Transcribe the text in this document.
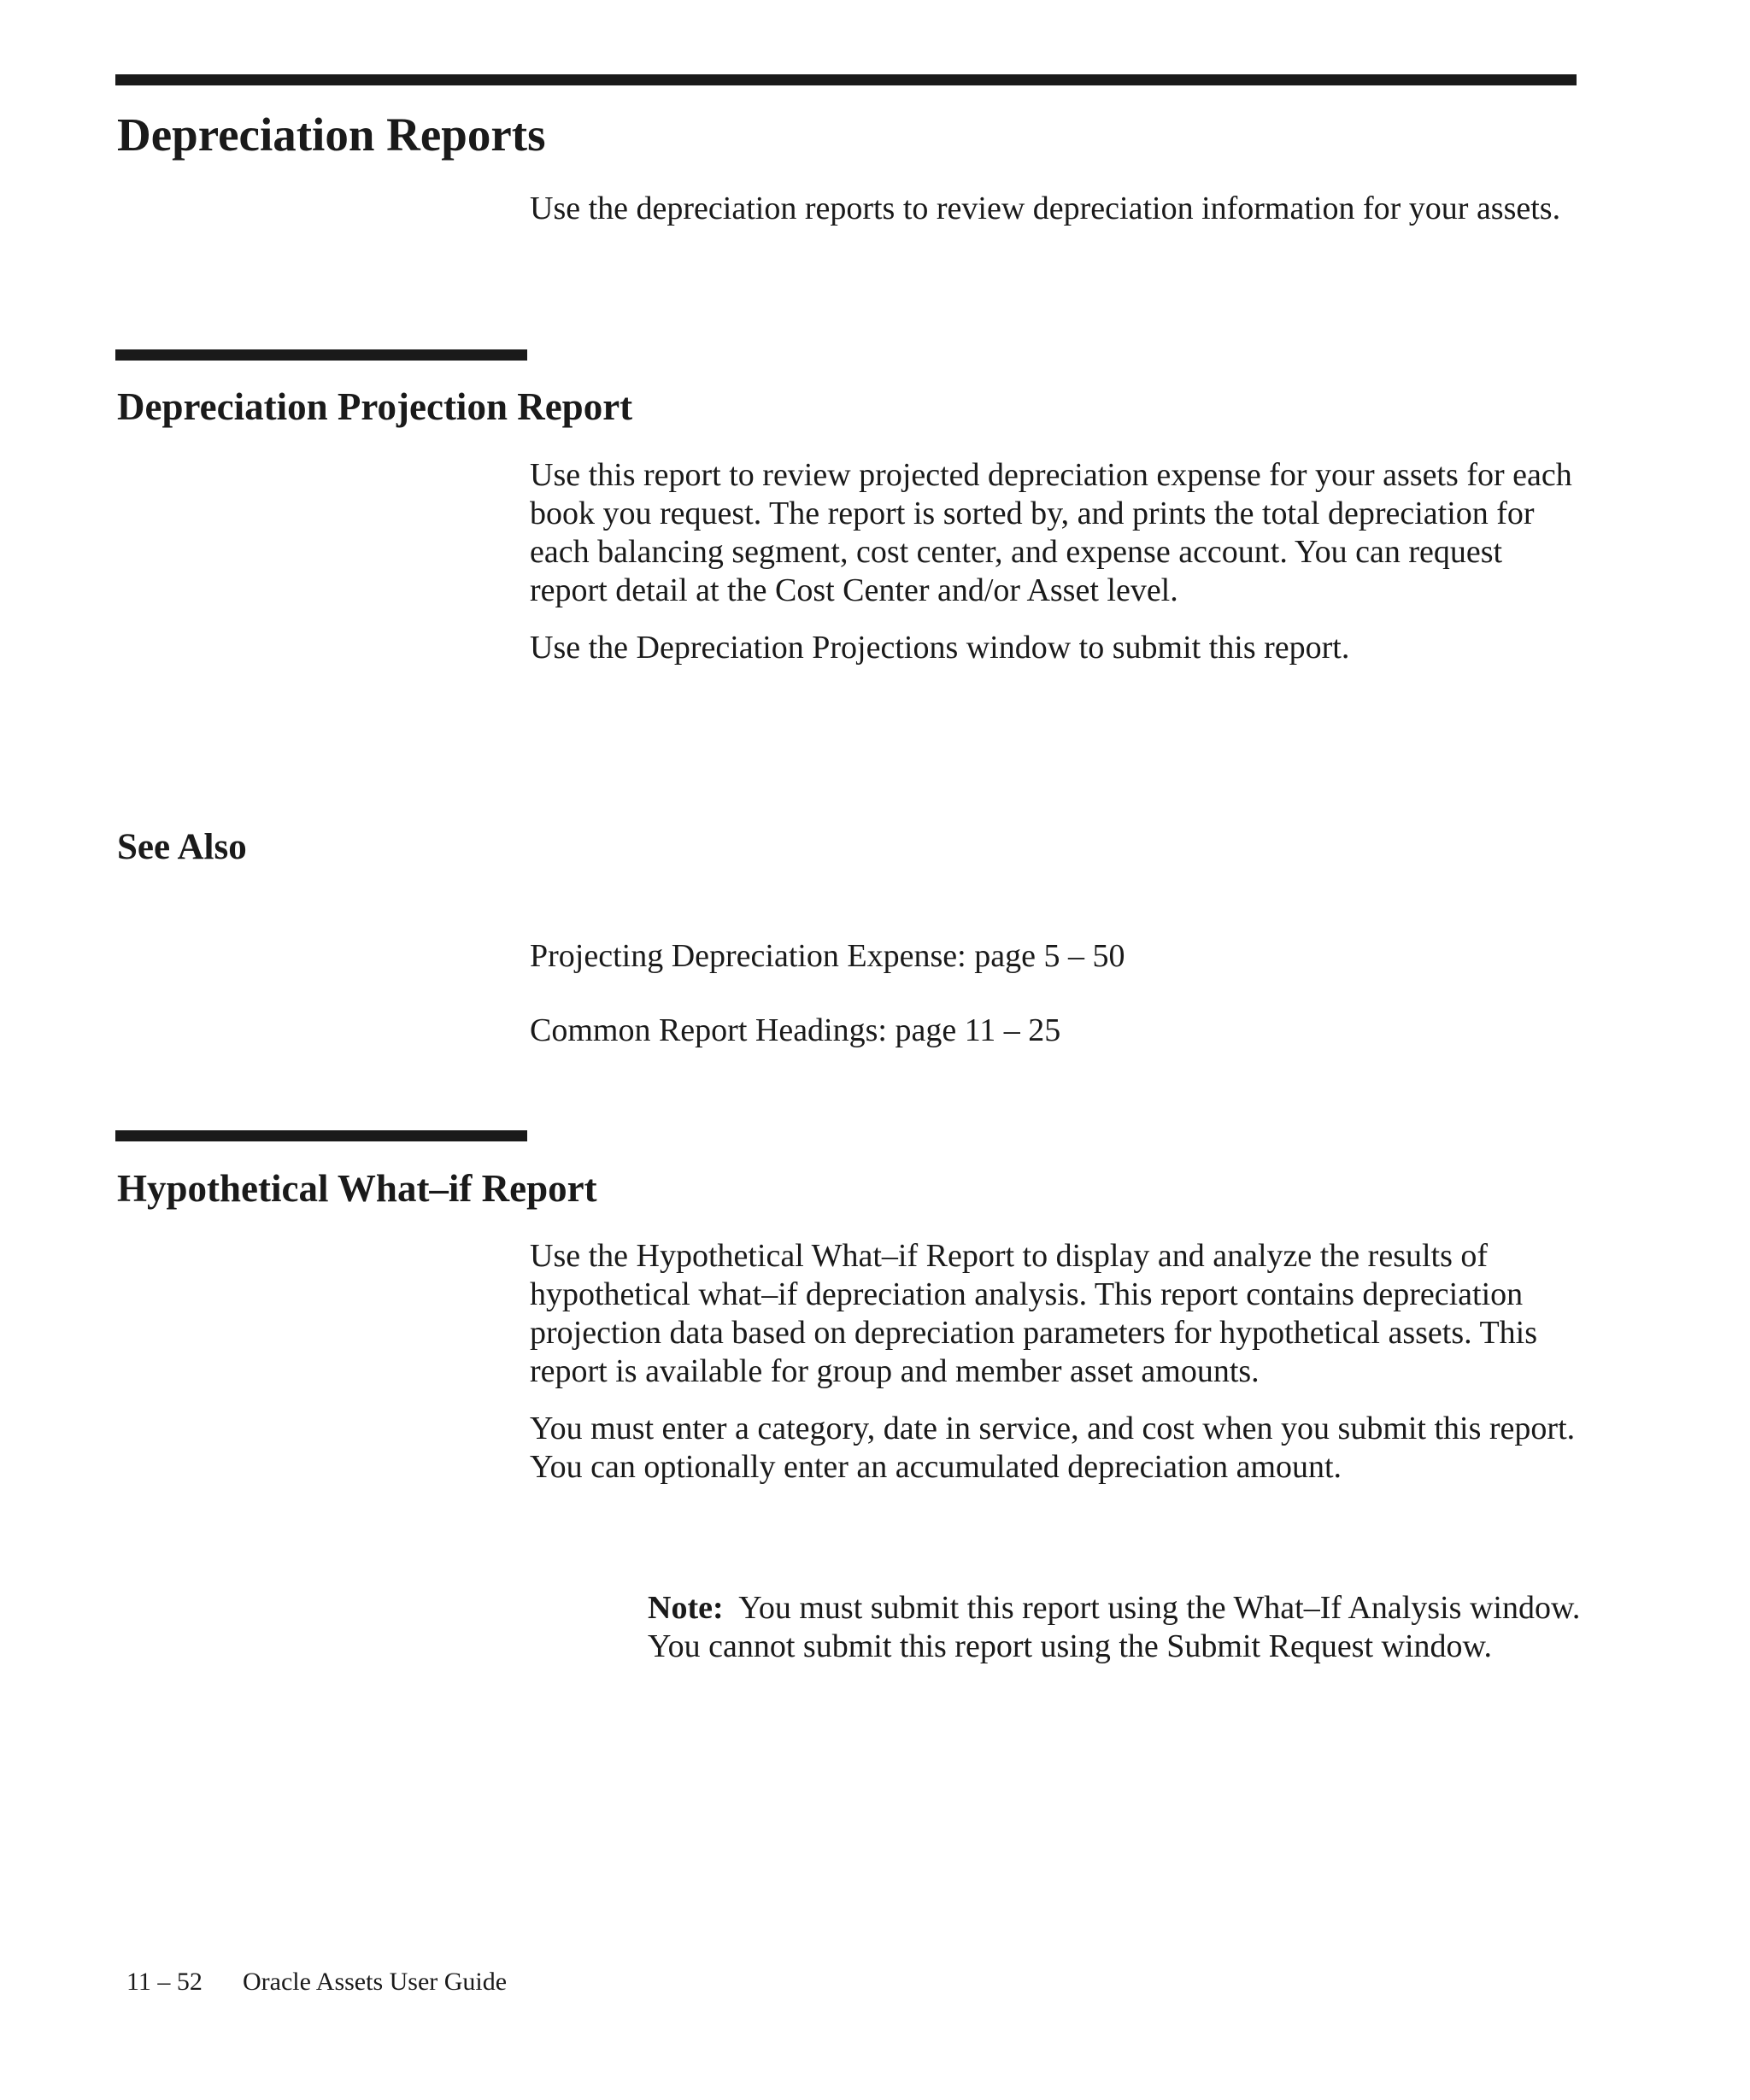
Depreciation Reports

Use the depreciation reports to review depreciation information for your assets.

Depreciation Projection Report

Use this report to review projected depreciation expense for your assets for each book you request. The report is sorted by, and prints the total depreciation for each balancing segment, cost center, and expense account. You can request report detail at the Cost Center and/or Asset level.

Use the Depreciation Projections window to submit this report.

See Also
Projecting Depreciation Expense: page 5 – 50
Common Report Headings: page 11 – 25
Hypothetical What–if Report

Use the Hypothetical What–if Report to display and analyze the results of hypothetical what–if depreciation analysis. This report contains depreciation projection data based on depreciation parameters for hypothetical assets. This report is available for group and member asset amounts.

You must enter a category, date in service, and cost when you submit this report. You can optionally enter an accumulated depreciation amount.

Note: You must submit this report using the What–If Analysis window. You cannot submit this report using the Submit Request window.

11 – 52 Oracle Assets User Guide
